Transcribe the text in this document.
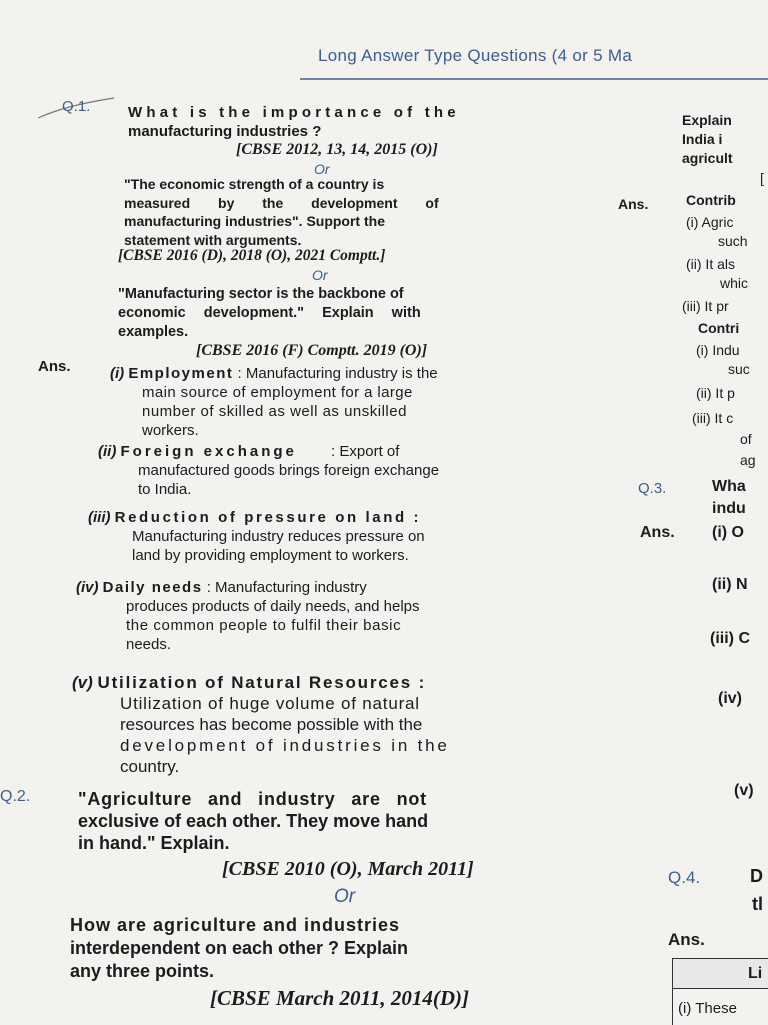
Long Answer Type Questions (4 or 5 Ma
Q.1.	What is the importance of the
manufacturing industries ?
[CBSE 2012, 13, 14, 2015 (O)]
Or
"The economic strength of a country is
measured by the development of
manufacturing industries". Support the
statement with arguments.
[CBSE 2016 (D), 2018 (O), 2021 Comptt.]
Or
"Manufacturing sector is the backbone of
economic development." Explain with
examples.
[CBSE 2016 (F) Comptt. 2019 (O)]
Ans.	(i) Employment : Manufacturing industry is the
main source of employment for a large
number of skilled as well as unskilled
workers.
(ii) Foreign exchange : Export of
manufactured goods brings foreign exchange
to India.
(iii) Reduction of pressure on land :
Manufacturing industry reduces pressure on
land by providing employment to workers.
(iv) Daily needs : Manufacturing industry
produces products of daily needs, and helps
the common people to fulfil their basic
needs.
(v) Utilization of Natural Resources :
Utilization of huge volume of natural
resources has become possible with the
development of industries in the
country.
Q.2.	"Agriculture and industry are not
exclusive of each other. They move hand
in hand." Explain.
[CBSE 2010 (O), March 2011]
Or
How are agriculture and industries
interdependent on each other ? Explain
any three points.
[CBSE March 2011, 2014(D)]
Explain
India i
agricult
[
Ans.	Contrib
(i) Agric
such
(ii) It als
whic
(iii) It pr
Contri
(i) Indu
suc
(ii) It p
(iii) It c
of
ag
Q.3.	Wha
indu
Ans. (i) O
(ii) N
(iii) C
(iv)
(v)
Q.4.	D
tl
Ans.
Li
(i) These
